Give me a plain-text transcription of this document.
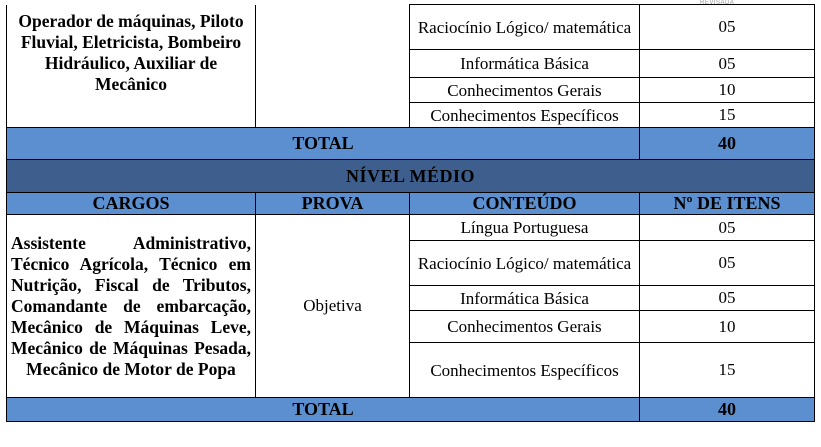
REVISADA
Operador de máquinas, Piloto Fluvial, Eletricista, Bombeiro Hidráulico, Auxiliar de Mecânico		Raciocínio Lógico/ matemática	05
		Informática Básica	05
		Conhecimentos Gerais	10
		Conhecimentos Específicos	15
TOTAL			40
NÍVEL MÉDIO			
CARGOS	PROVA	CONTEÚDO	Nº DE ITENS
Assistente Administrativo, Técnico Agrícola, Técnico em Nutrição, Fiscal de Tributos, Comandante de embarcação, Mecânico de Máquinas Leve, Mecânico de Máquinas Pesada, Mecânico de Motor de Popa	Objetiva	Língua Portuguesa	05
		Raciocínio Lógico/ matemática	05
		Informática Básica	05
		Conhecimentos Gerais	10
		Conhecimentos Específicos	15
TOTAL			40
